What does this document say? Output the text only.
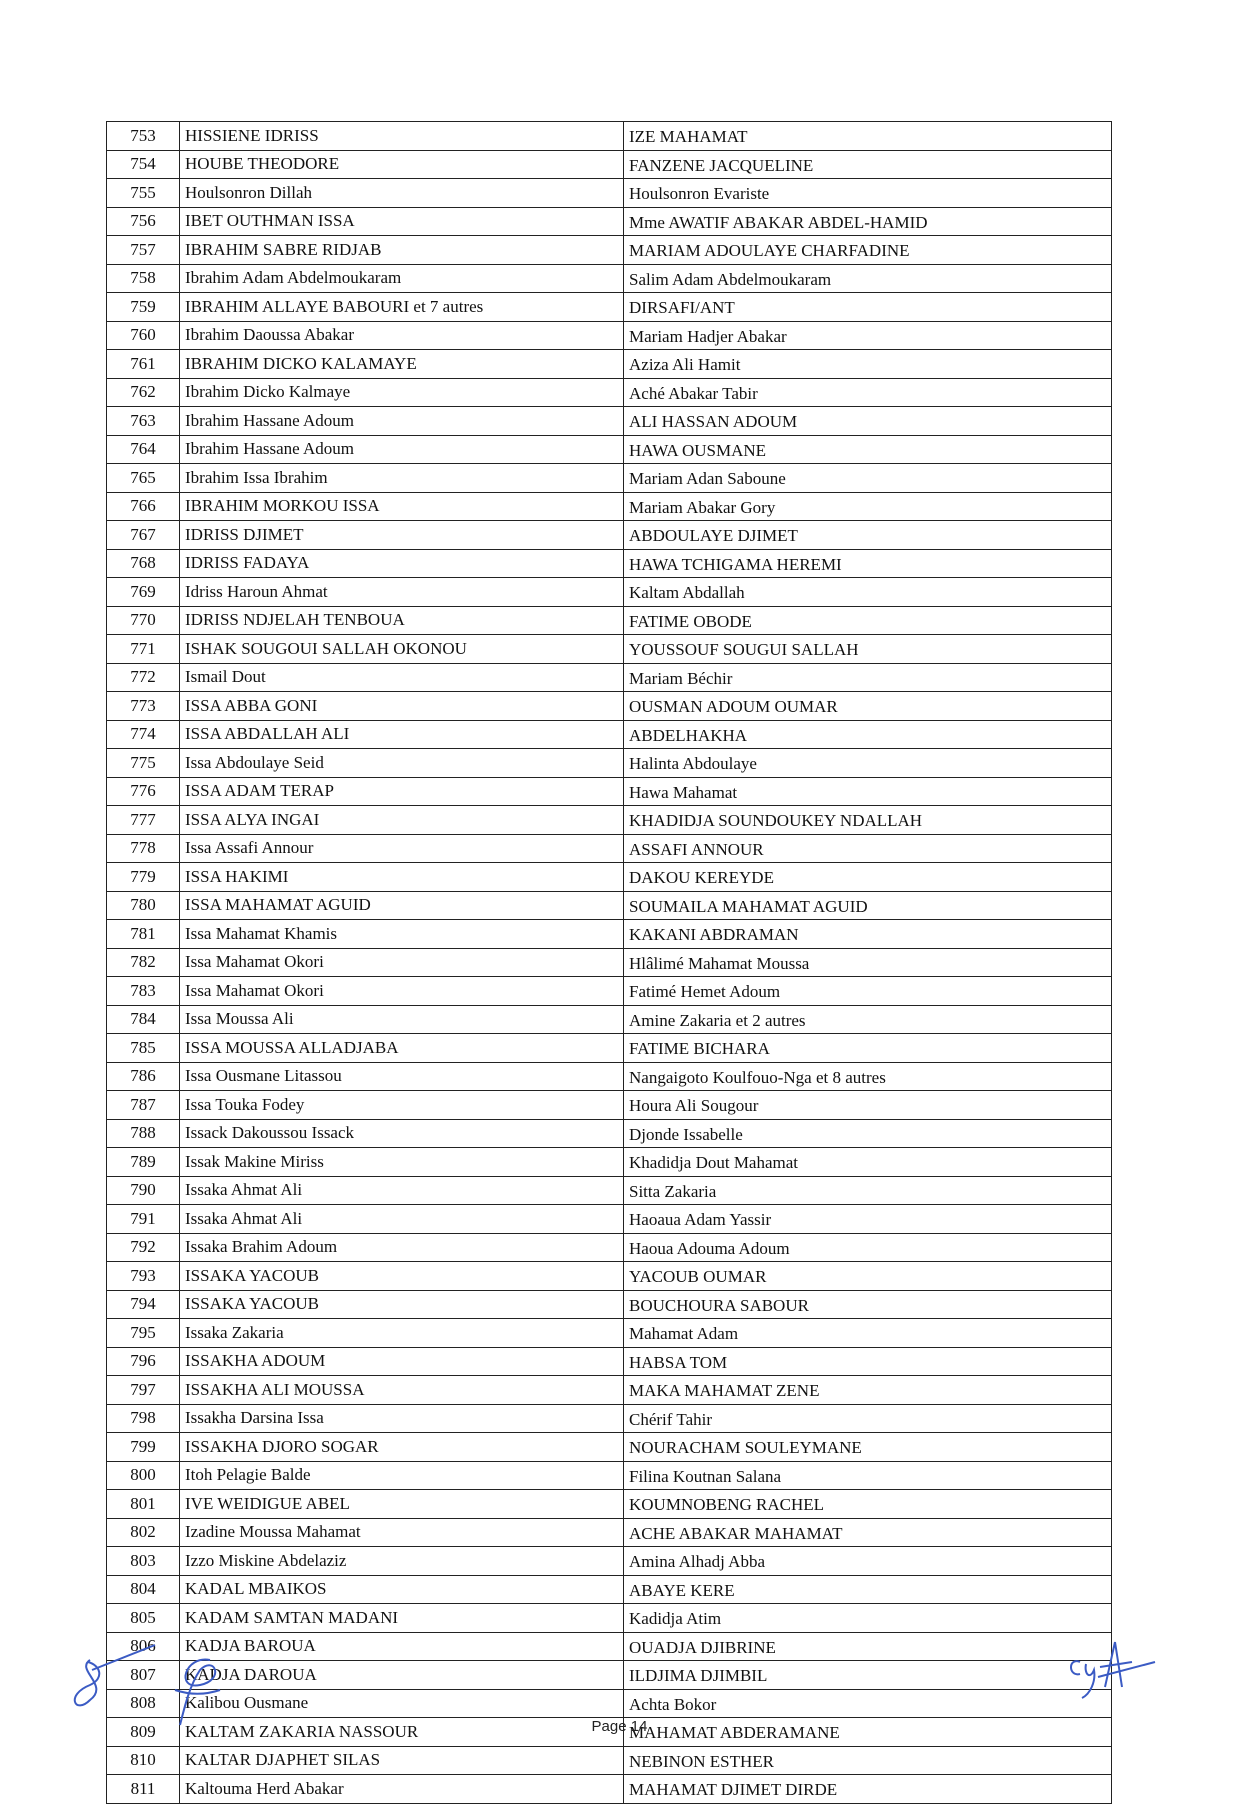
753	HISSIENE IDRISS	IZE MAHAMAT
754	HOUBE THEODORE	FANZENE JACQUELINE
755	Houlsonron Dillah	Houlsonron Evariste
756	IBET OUTHMAN ISSA	Mme AWATIF ABAKAR ABDEL-HAMID
757	IBRAHIM SABRE RIDJAB	MARIAM ADOULAYE CHARFADINE
758	Ibrahim Adam Abdelmoukaram	Salim Adam Abdelmoukaram
759	IBRAHIM ALLAYE BABOURI et 7 autres	DIRSAFI/ANT
760	Ibrahim Daoussa Abakar	Mariam Hadjer Abakar
761	IBRAHIM DICKO KALAMAYE	Aziza Ali Hamit
762	Ibrahim Dicko Kalmaye	Aché Abakar Tabir
763	Ibrahim Hassane Adoum	ALI HASSAN ADOUM
764	Ibrahim Hassane Adoum	HAWA OUSMANE
765	Ibrahim Issa Ibrahim	Mariam Adan Saboune
766	IBRAHIM MORKOU ISSA	Mariam Abakar Gory
767	IDRISS DJIMET	ABDOULAYE DJIMET
768	IDRISS FADAYA	HAWA TCHIGAMA HEREMI
769	Idriss Haroun Ahmat	Kaltam Abdallah
770	IDRISS NDJELAH TENBOUA	FATIME OBODE
771	ISHAK SOUGOUI SALLAH OKONOU	YOUSSOUF SOUGUI SALLAH
772	Ismail Dout	Mariam Béchir
773	ISSA ABBA GONI	OUSMAN ADOUM OUMAR
774	ISSA ABDALLAH ALI	ABDELHAKHA
775	Issa Abdoulaye Seid	Halinta Abdoulaye
776	ISSA ADAM TERAP	Hawa Mahamat
777	ISSA ALYA INGAI	KHADIDJA SOUNDOUKEY NDALLAH
778	Issa Assafi Annour	ASSAFI ANNOUR
779	ISSA HAKIMI	DAKOU KEREYDE
780	ISSA MAHAMAT AGUID	SOUMAILA MAHAMAT AGUID
781	Issa Mahamat Khamis	KAKANI ABDRAMAN
782	Issa Mahamat Okori	Hlâlimé Mahamat Moussa
783	Issa Mahamat Okori	Fatimé Hemet Adoum
784	Issa Moussa Ali	Amine Zakaria et 2 autres
785	ISSA MOUSSA ALLADJABA	FATIME BICHARA
786	Issa Ousmane Litassou	Nangaigoto Koulfouo-Nga et 8 autres
787	Issa Touka Fodey	Houra Ali Sougour
788	Issack Dakoussou Issack	Djonde Issabelle
789	Issak Makine Miriss	Khadidja Dout Mahamat
790	Issaka Ahmat Ali	Sitta Zakaria
791	Issaka Ahmat Ali	Haoaua Adam Yassir
792	Issaka Brahim Adoum	Haoua Adouma Adoum
793	ISSAKA YACOUB	YACOUB OUMAR
794	ISSAKA YACOUB	BOUCHOURA SABOUR
795	Issaka Zakaria	Mahamat Adam
796	ISSAKHA ADOUM	HABSA TOM
797	ISSAKHA ALI MOUSSA	MAKA MAHAMAT ZENE
798	Issakha Darsina Issa	Chérif Tahir
799	ISSAKHA DJORO SOGAR	NOURACHAM SOULEYMANE
800	Itoh Pelagie Balde	Filina Koutnan Salana
801	IVE WEIDIGUE ABEL	KOUMNOBENG RACHEL
802	Izadine Moussa Mahamat	ACHE ABAKAR MAHAMAT
803	Izzo Miskine Abdelaziz	Amina Alhadj Abba
804	KADAL MBAIKOS	ABAYE KERE
805	KADAM SAMTAN MADANI	Kadidja Atim
806	KADJA BAROUA	OUADJA DJIBRINE
807	KADJA DAROUA	ILDJIMA DJIMBIL
808	Kalibou Ousmane	Achta Bokor
809	KALTAM ZAKARIA NASSOUR	MAHAMAT ABDERAMANE
810	KALTAR DJAPHET SILAS	NEBINON ESTHER
811	Kaltouma Herd Abakar	MAHAMAT DJIMET DIRDE
Page 14
